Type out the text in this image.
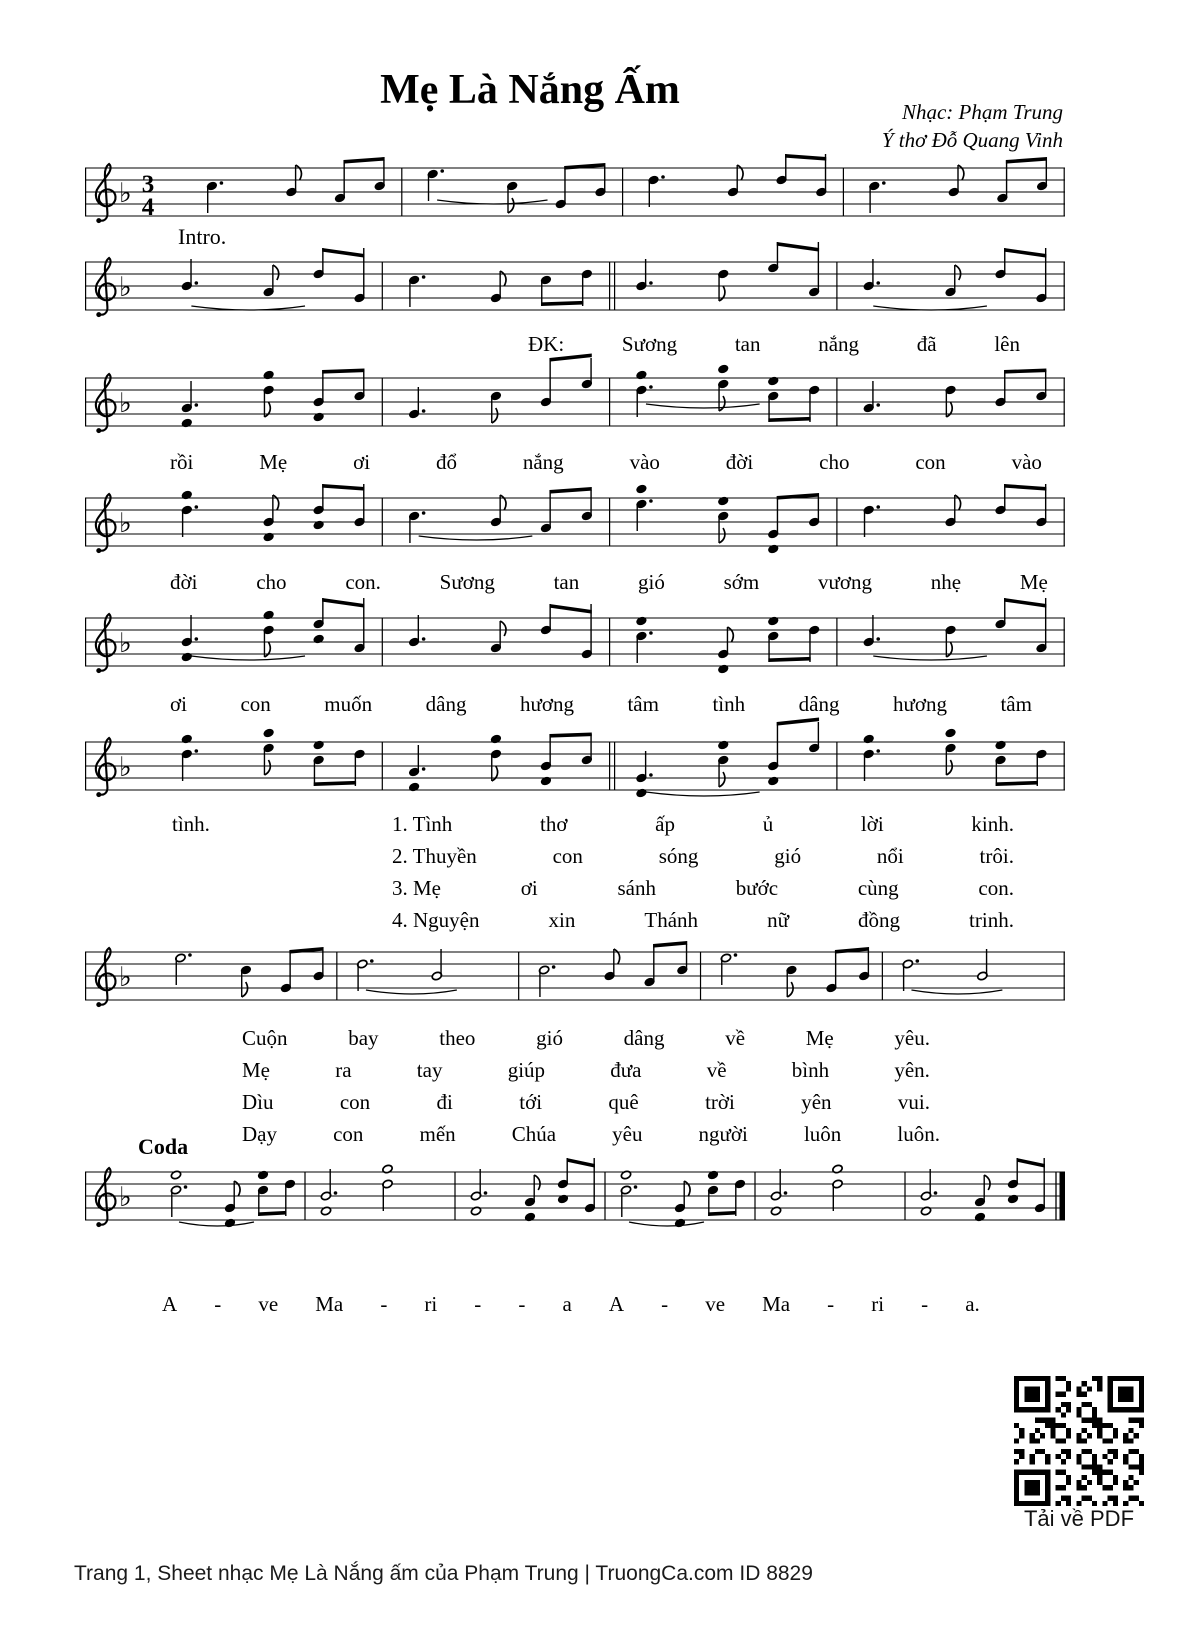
Mẹ Là Nắng Ấm	Nhạc: Phạm Trung
Ý thơ Đỗ Quang Vinh
♭ 3
4
♭
♭
♭
♭
♭
♭
♭
Intro.
Coda
ĐK:	Sương	tan	nắng	đã	lên
rồi	Mẹ	ơi	đổ	nắng	vào	đời	cho	con	vào
đời	cho	con.	Sương	tan	gió	sớm	vương	nhẹ	Mẹ
ơi	con	muốn	dâng	hương	tâm	tình	dâng	hương	tâm
tình.	1. Tình	thơ	ấp	ủ	lời	kinh.
2. Thuyền	con	sóng	gió	nổi	trôi.
3. Mẹ	ơi	sánh	bước	cùng	con.
4. Nguyện	xin	Thánh	nữ	đồng	trinh.
Cuộn	bay	theo	gió	dâng	về	Mẹ	yêu.
Mẹ	ra	tay	giúp	đưa	về	bình	yên.
Dìu	con	đi	tới	quê	trời	yên	vui.
Dạy	con	mến	Chúa	yêu	người	luôn	luôn.
A - ve Ma - ri - - a A - ve Ma - ri - a.
Tải về PDF
Trang 1, Sheet nhạc Mẹ Là Nắng ấm của Phạm Trung | TruongCa.com ID 8829
